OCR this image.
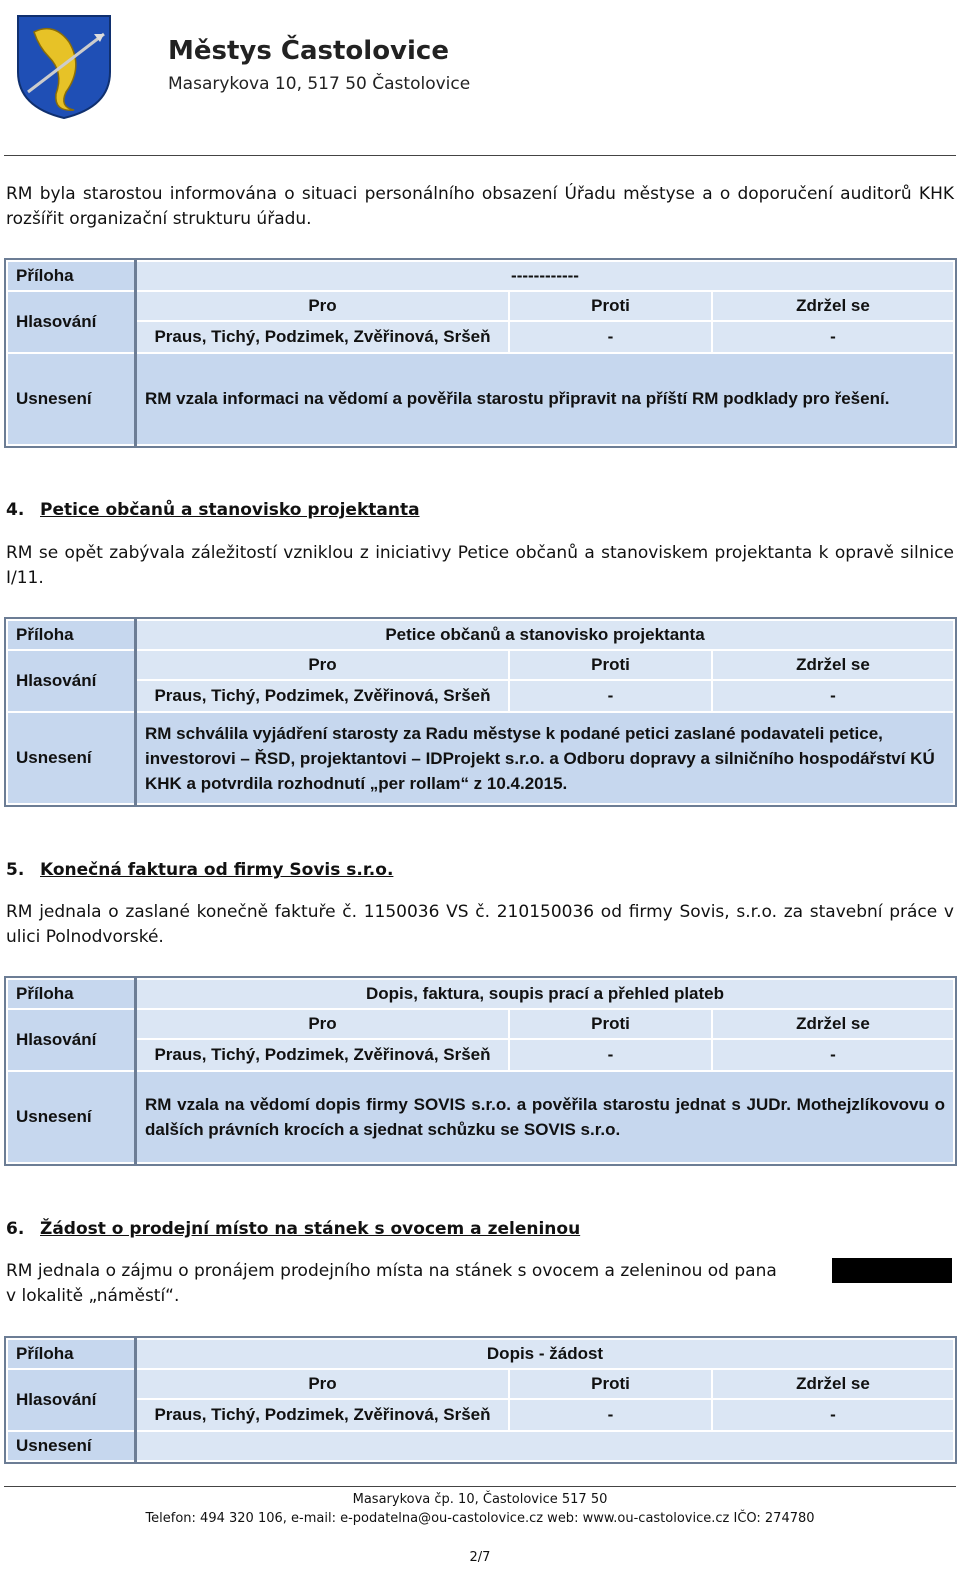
Městys Častolovice
Masarykova 10, 517 50 Častolovice
RM byla starostou informována o situaci personálního obsazení Úřadu městyse a o doporučení auditorů KHK rozšířit organizační strukturu úřadu.
Příloha	------------		
Hlasování	Pro	Proti	Zdržel se
	Praus, Tichý, Podzimek, Zvěřinová, Sršeň	-	-
Usnesení	RM vzala informaci na vědomí a pověřila starostu připravit na příští RM podklady pro řešení.		
4. Petice občanů a stanovisko projektanta
RM se opět zabývala záležitostí vzniklou z iniciativy Petice občanů a stanoviskem projektanta k opravě silnice I/11.
Příloha	Petice občanů a stanovisko projektanta		
Hlasování	Pro	Proti	Zdržel se
	Praus, Tichý, Podzimek, Zvěřinová, Sršeň	-	-
Usnesení	RM schválila vyjádření starosty za Radu městyse k podané petici zaslané podavateli petice, investorovi – ŘSD, projektantovi – IDProjekt s.r.o. a Odboru dopravy a silničního hospodářství KÚ KHK a potvrdila rozhodnutí „per rollam“ z 10.4.2015.		
5. Konečná faktura od firmy Sovis s.r.o.
RM jednala o zaslané konečně faktuře č. 1150036 VS č. 210150036 od firmy Sovis, s.r.o. za stavební práce v ulici Polnodvorské.
Příloha	Dopis, faktura, soupis prací a přehled plateb		
Hlasování	Pro	Proti	Zdržel se
	Praus, Tichý, Podzimek, Zvěřinová, Sršeň	-	-
Usnesení	RM vzala na vědomí dopis firmy SOVIS s.r.o. a pověřila starostu jednat s JUDr. Mothejzlíkovovu o dalších právních krocích a sjednat schůzku se SOVIS s.r.o.		
6. Žádost o prodejní místo na stánek s ovocem a zeleninou
RM jednala o zájmu o pronájem prodejního místa na stánek s ovocem a zeleninou od pana
v lokalitě „náměstí“.
Příloha	Dopis - žádost		
Hlasování	Pro	Proti	Zdržel se
	Praus, Tichý, Podzimek, Zvěřinová, Sršeň	-	-
Usnesení			
Masarykova čp. 10, Častolovice 517 50
Telefon: 494 320 106, e-mail: e-podatelna@ou-castolovice.cz web: www.ou-castolovice.cz IČO: 274780
2/7
